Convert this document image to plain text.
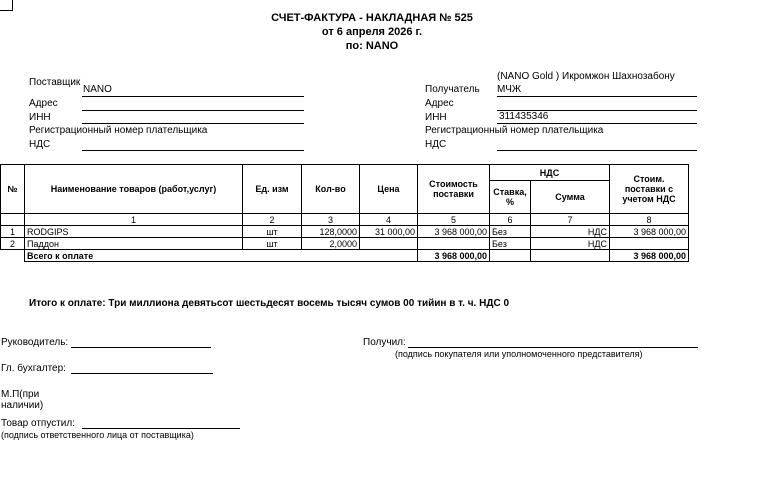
СЧЕТ-ФАКТУРА - НАКЛАДНАЯ № 525
от 6 апреля 2026 г.
по: NANO
Поставщик
NANO
Адрес
ИНН
Регистрационный номер плательщика
НДС
(NANO Gold ) Икромжон Шахнозабону
Получатель МЧЖ
Адрес
ИНН	311435346
Регистрационный номер плательщика
НДС
№	Наименование товаров (работ,услуг)	Ед. изм	Кол-во	Цена	Стоимость поставки	НДС		Стоим. поставки с учетом НДС
						Ставка, %	Сумма	
	1	2	3	4	5	6	7	8
1	RODGIPS	шт	128,0000	31 000,00	3 968 000,00	Без	НДС	3 968 000,00
2	Паддон	шт	2,0000			Без	НДС	
	Всего к оплате				3 968 000,00			3 968 000,00
Итого к оплате: Три миллиона девятьсот шестьдесят восемь тысяч сумов 00 тийин в т. ч. НДС 0
Руководитель:
Гл. бухгалтер:
М.П(при наличии)
Товар отпустил:
(подпись ответственного лица от поставщика)
Получил:
(подпись покупателя или уполномоченного представителя)
